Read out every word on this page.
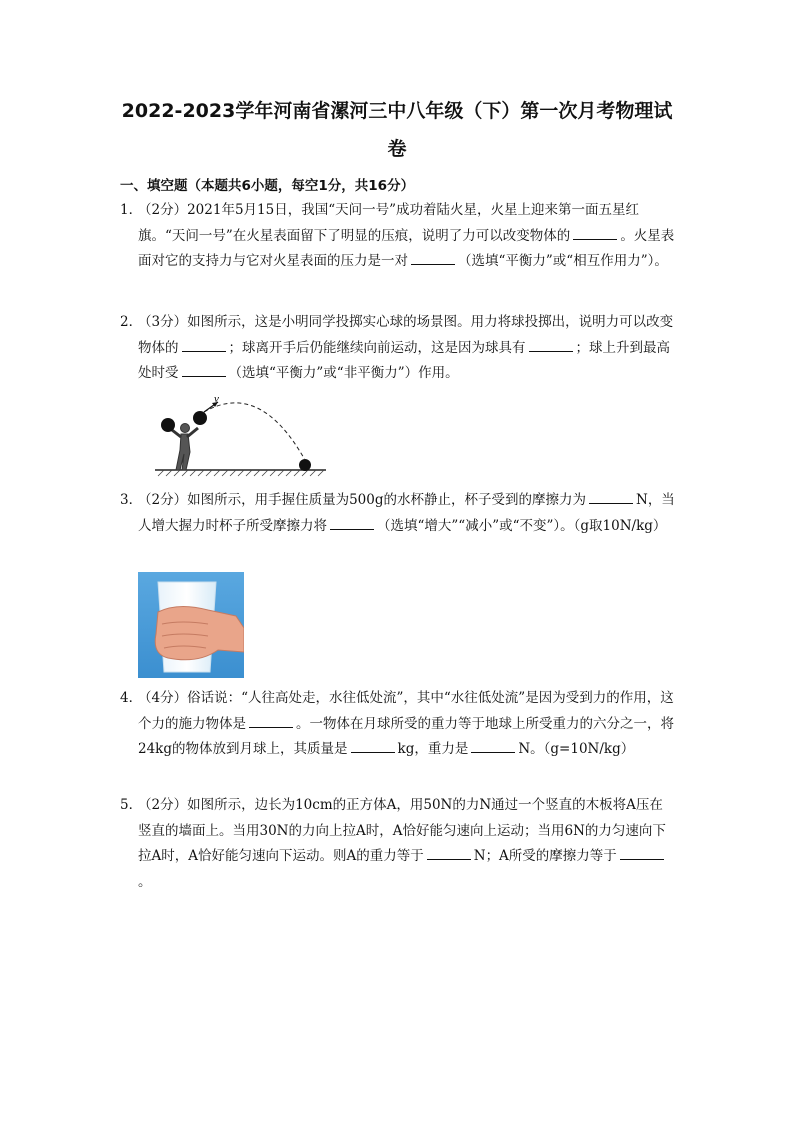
2022-2023学年河南省漯河三中八年级（下）第一次月考物理试
卷
一、填空题（本题共6小题，每空1分，共16分）
1．
（2分）2021年5月15日，我国“天问一号”成功着陆火星，火星上迎来第一面五星红旗。“天问一号”在火星表面留下了明显的压痕，说明了力可以改变物体的	。火星表面对它的支持力与它对火星表面的压力是一对	（选填“平衡力”或“相互作用力”）。
2．
（3分）如图所示，这是小明同学投掷实心球的场景图。用力将球投掷出，说明力可以改变物体的	；球离开手后仍能继续向前运动，这是因为球具有	；球上升到最高处时受	（选填“平衡力”或“非平衡力”）作用。
v
3．
（2分）如图所示，用手握住质量为500g的水杯静止，杯子受到的摩擦力为	N，当人增大握力时杯子所受摩擦力将	（选填“增大”“减小”或“不变”）。（g取10N/kg）
4．
（4分）俗话说：“人往高处走，水往低处流”，其中“水往低处流”是因为受到力的作用，这个力的施力物体是	。一物体在月球所受的重力等于地球上所受重力的六分之一，将24kg的物体放到月球上，其质量是	kg，重力是	N。（g=10N/kg）
5．
（2分）如图所示，边长为10cm的正方体A，用50N的力N通过一个竖直的木板将A压在竖直的墙面上。当用30N的力向上拉A时，A恰好能匀速向上运动；当用6N的力匀速向下拉A时，A恰好能匀速向下运动。则A的重力等于	N；A所受的摩擦力等于。
